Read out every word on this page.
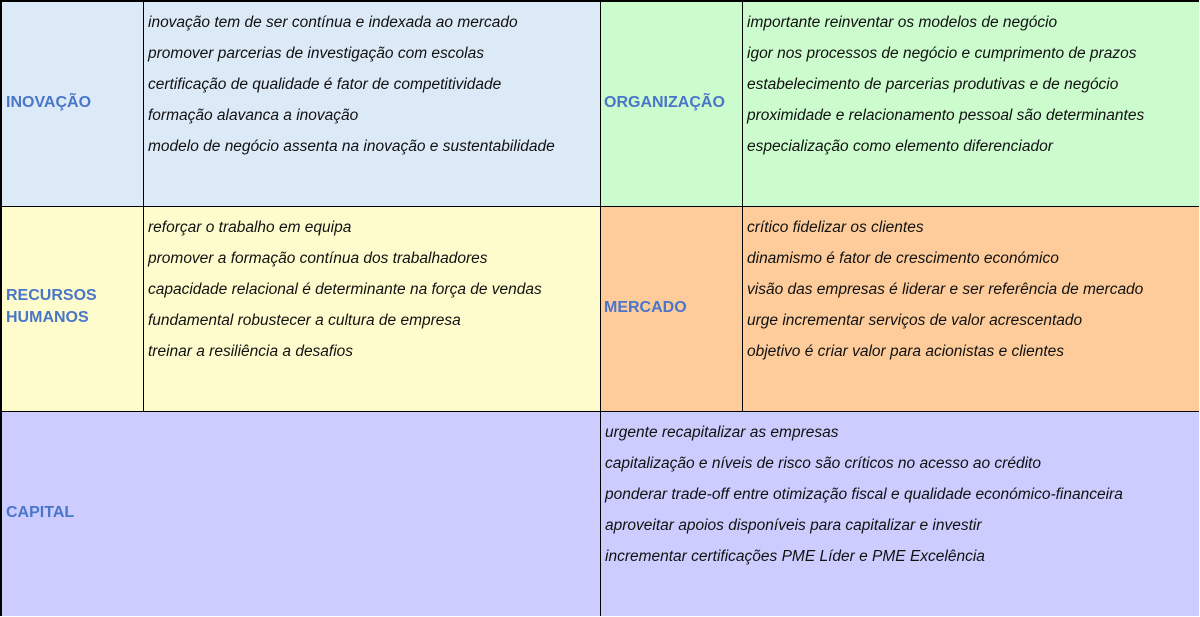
INOVAÇÃO
inovação tem de ser contínua e indexada ao mercado
promover parcerias de investigação com escolas
certificação de qualidade é fator de competitividade
formação alavanca a inovação
modelo de negócio assenta na inovação e sustentabilidade
ORGANIZAÇÃO
importante reinventar os modelos de negócio
igor nos processos de negócio e cumprimento de prazos
estabelecimento de parcerias produtivas e de negócio
proximidade e relacionamento pessoal são determinantes
especialização como elemento diferenciador
RECURSOS
HUMANOS
reforçar o trabalho em equipa
promover a formação contínua dos trabalhadores
capacidade relacional é determinante na força de vendas
fundamental robustecer a cultura de empresa
treinar a resiliência a desafios
MERCADO
crítico fidelizar os clientes
dinamismo é fator de crescimento económico
visão das empresas é liderar e ser referência de mercado
urge incrementar serviços de valor acrescentado
objetivo é criar valor para acionistas e clientes
CAPITAL
urgente recapitalizar as empresas
capitalização e níveis de risco são críticos no acesso ao crédito
ponderar trade-off entre otimização fiscal e qualidade económico-financeira
aproveitar apoios disponíveis para capitalizar e investir
incrementar certificações PME Líder e PME Excelência
